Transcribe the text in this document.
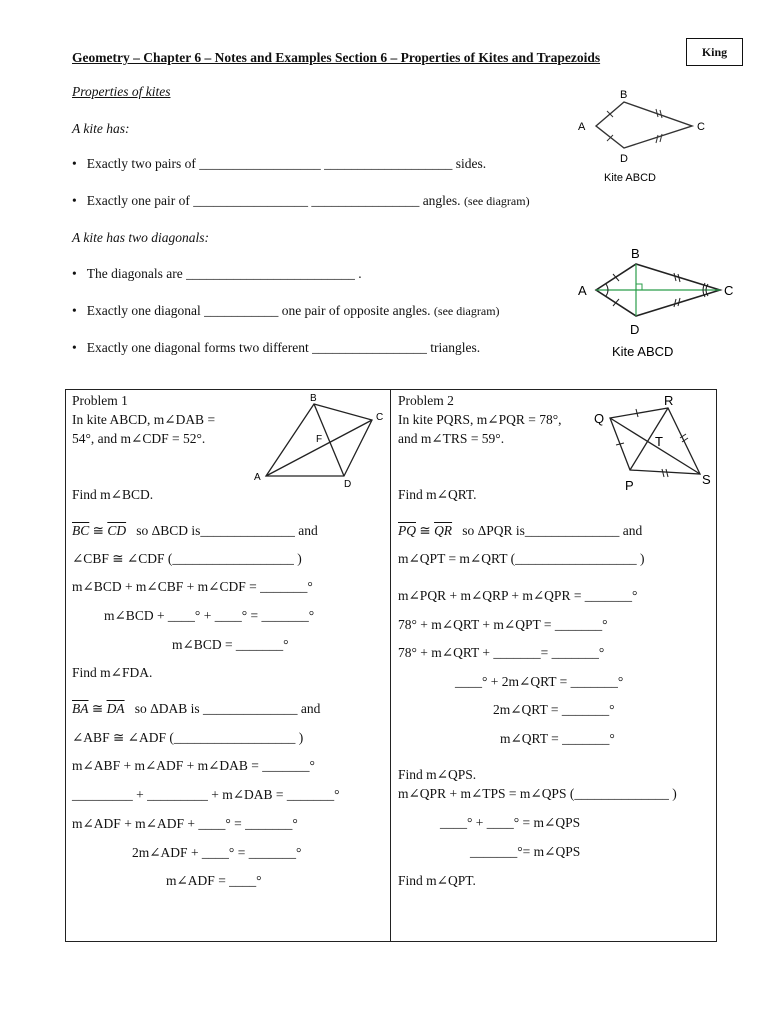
Geometry – Chapter 6 – Notes and Examples Section 6 – Properties of Kites and Trapezoids	King
Properties of kites
A kite has:
• Exactly two pairs of __________________ ___________________ sides.
• Exactly one pair of _________________ ________________ angles. (see diagram)
A kite has two diagonals:
• The diagonals are _________________________ .
• Exactly one diagonal ___________ one pair of opposite angles. (see diagram)
• Exactly one diagonal forms two different _________________ triangles.
B
A	C
D
Kite ABCD
B
A	C
D
Kite ABCD
Problem 1
In kite ABCD, m∠DAB =
54°, and m∠CDF = 52°.
B
C
F
A
D
Find m∠BCD.
$\overline{BC}$ ≅ $\overline{CD}$ so ΔBCD is______________ and
∠CBF ≅ ∠CDF (__________________ )
m∠BCD + m∠CBF + m∠CDF = _______°
m∠BCD + ____° + ____° = _______°
m∠BCD = _______°
Find m∠FDA.
$\overline{BA}$ ≅ $\overline{DA}$ so ΔDAB is ______________ and
∠ABF ≅ ∠ADF (__________________ )
m∠ABF + m∠ADF + m∠DAB = _______°
_________ + _________ + m∠DAB = _______°
m∠ADF + m∠ADF + ____° = _______°
2m∠ADF + ____° = _______°
m∠ADF = ____°
Problem 2
In kite PQRS, m∠PQR = 78°,
and m∠TRS = 59°.
R
Q
T
S
P
Find m∠QRT.
$\overline{PQ}$ ≅ $\overline{QR}$ so ΔPQR is______________ and
m∠QPT = m∠QRT (__________________ )
m∠PQR + m∠QRP + m∠QPR = _______°
78° + m∠QRT + m∠QPT = _______°
78° + m∠QRT + _______= _______°
____° + 2m∠QRT = _______°
2m∠QRT = _______°
m∠QRT = _______°
Find m∠QPS.
m∠QPR + m∠TPS = m∠QPS (______________ )
____° + ____° = m∠QPS
_______°= m∠QPS
Find m∠QPT.
